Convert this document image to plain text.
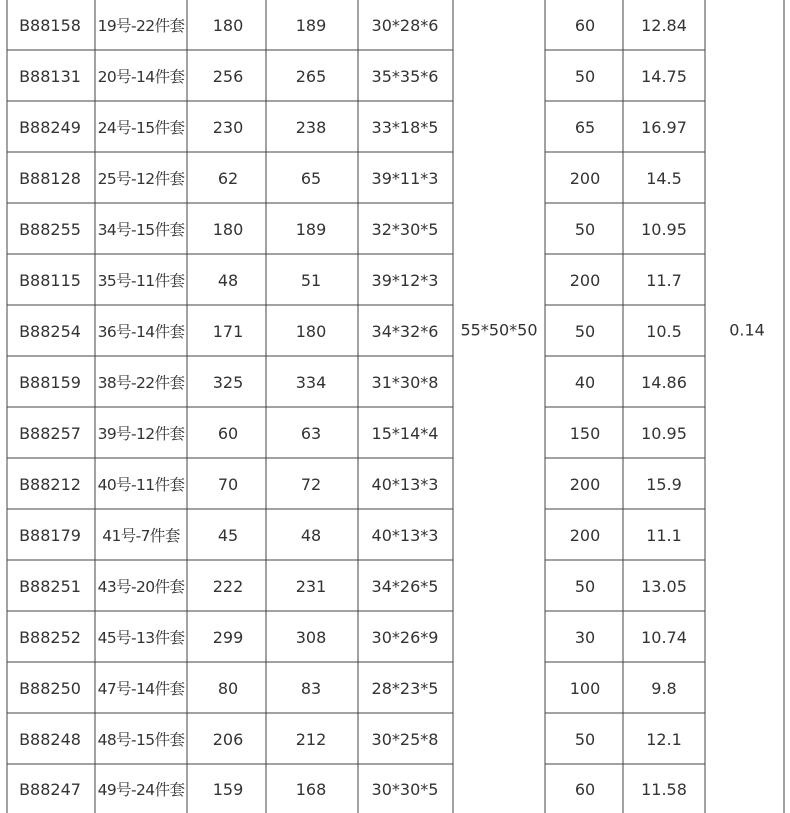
B88158 19号-22件套 180	189	30*28*6	60	12.84
B88131 20号-14件套 256	265	35*35*6	50	14.75
B88249 24号-15件套 230	238	33*18*5	65	16.97
B88128 25号-12件套 62	65	39*11*3	200	14.5
B88255 34号-15件套 180	189	32*30*5	50	10.95
B88115 35号-11件套 48	51	39*12*3	200	11.7
B88254 36号-14件套 171	180	34*32*6	50	10.5
B88159 38号-22件套 325	334	31*30*8	40	14.86
B88257 39号-12件套 60	63	15*14*4	150	10.95
B88212 40号-11件套 70	72	40*13*3	200	15.9
B88179 41号-7件套 45	48	40*13*3	200	11.1
B88251 43号-20件套 222	231	34*26*5	50	13.05
B88252 45号-13件套 299	308	30*26*9	30	10.74
B88250 47号-14件套 80	83	28*23*5	100	9.8
B88248 48号-15件套 206	212	30*25*8	50	12.1
B88247 49号-24件套 159	168	30*30*5	60	11.58
55*50*50	0.14
